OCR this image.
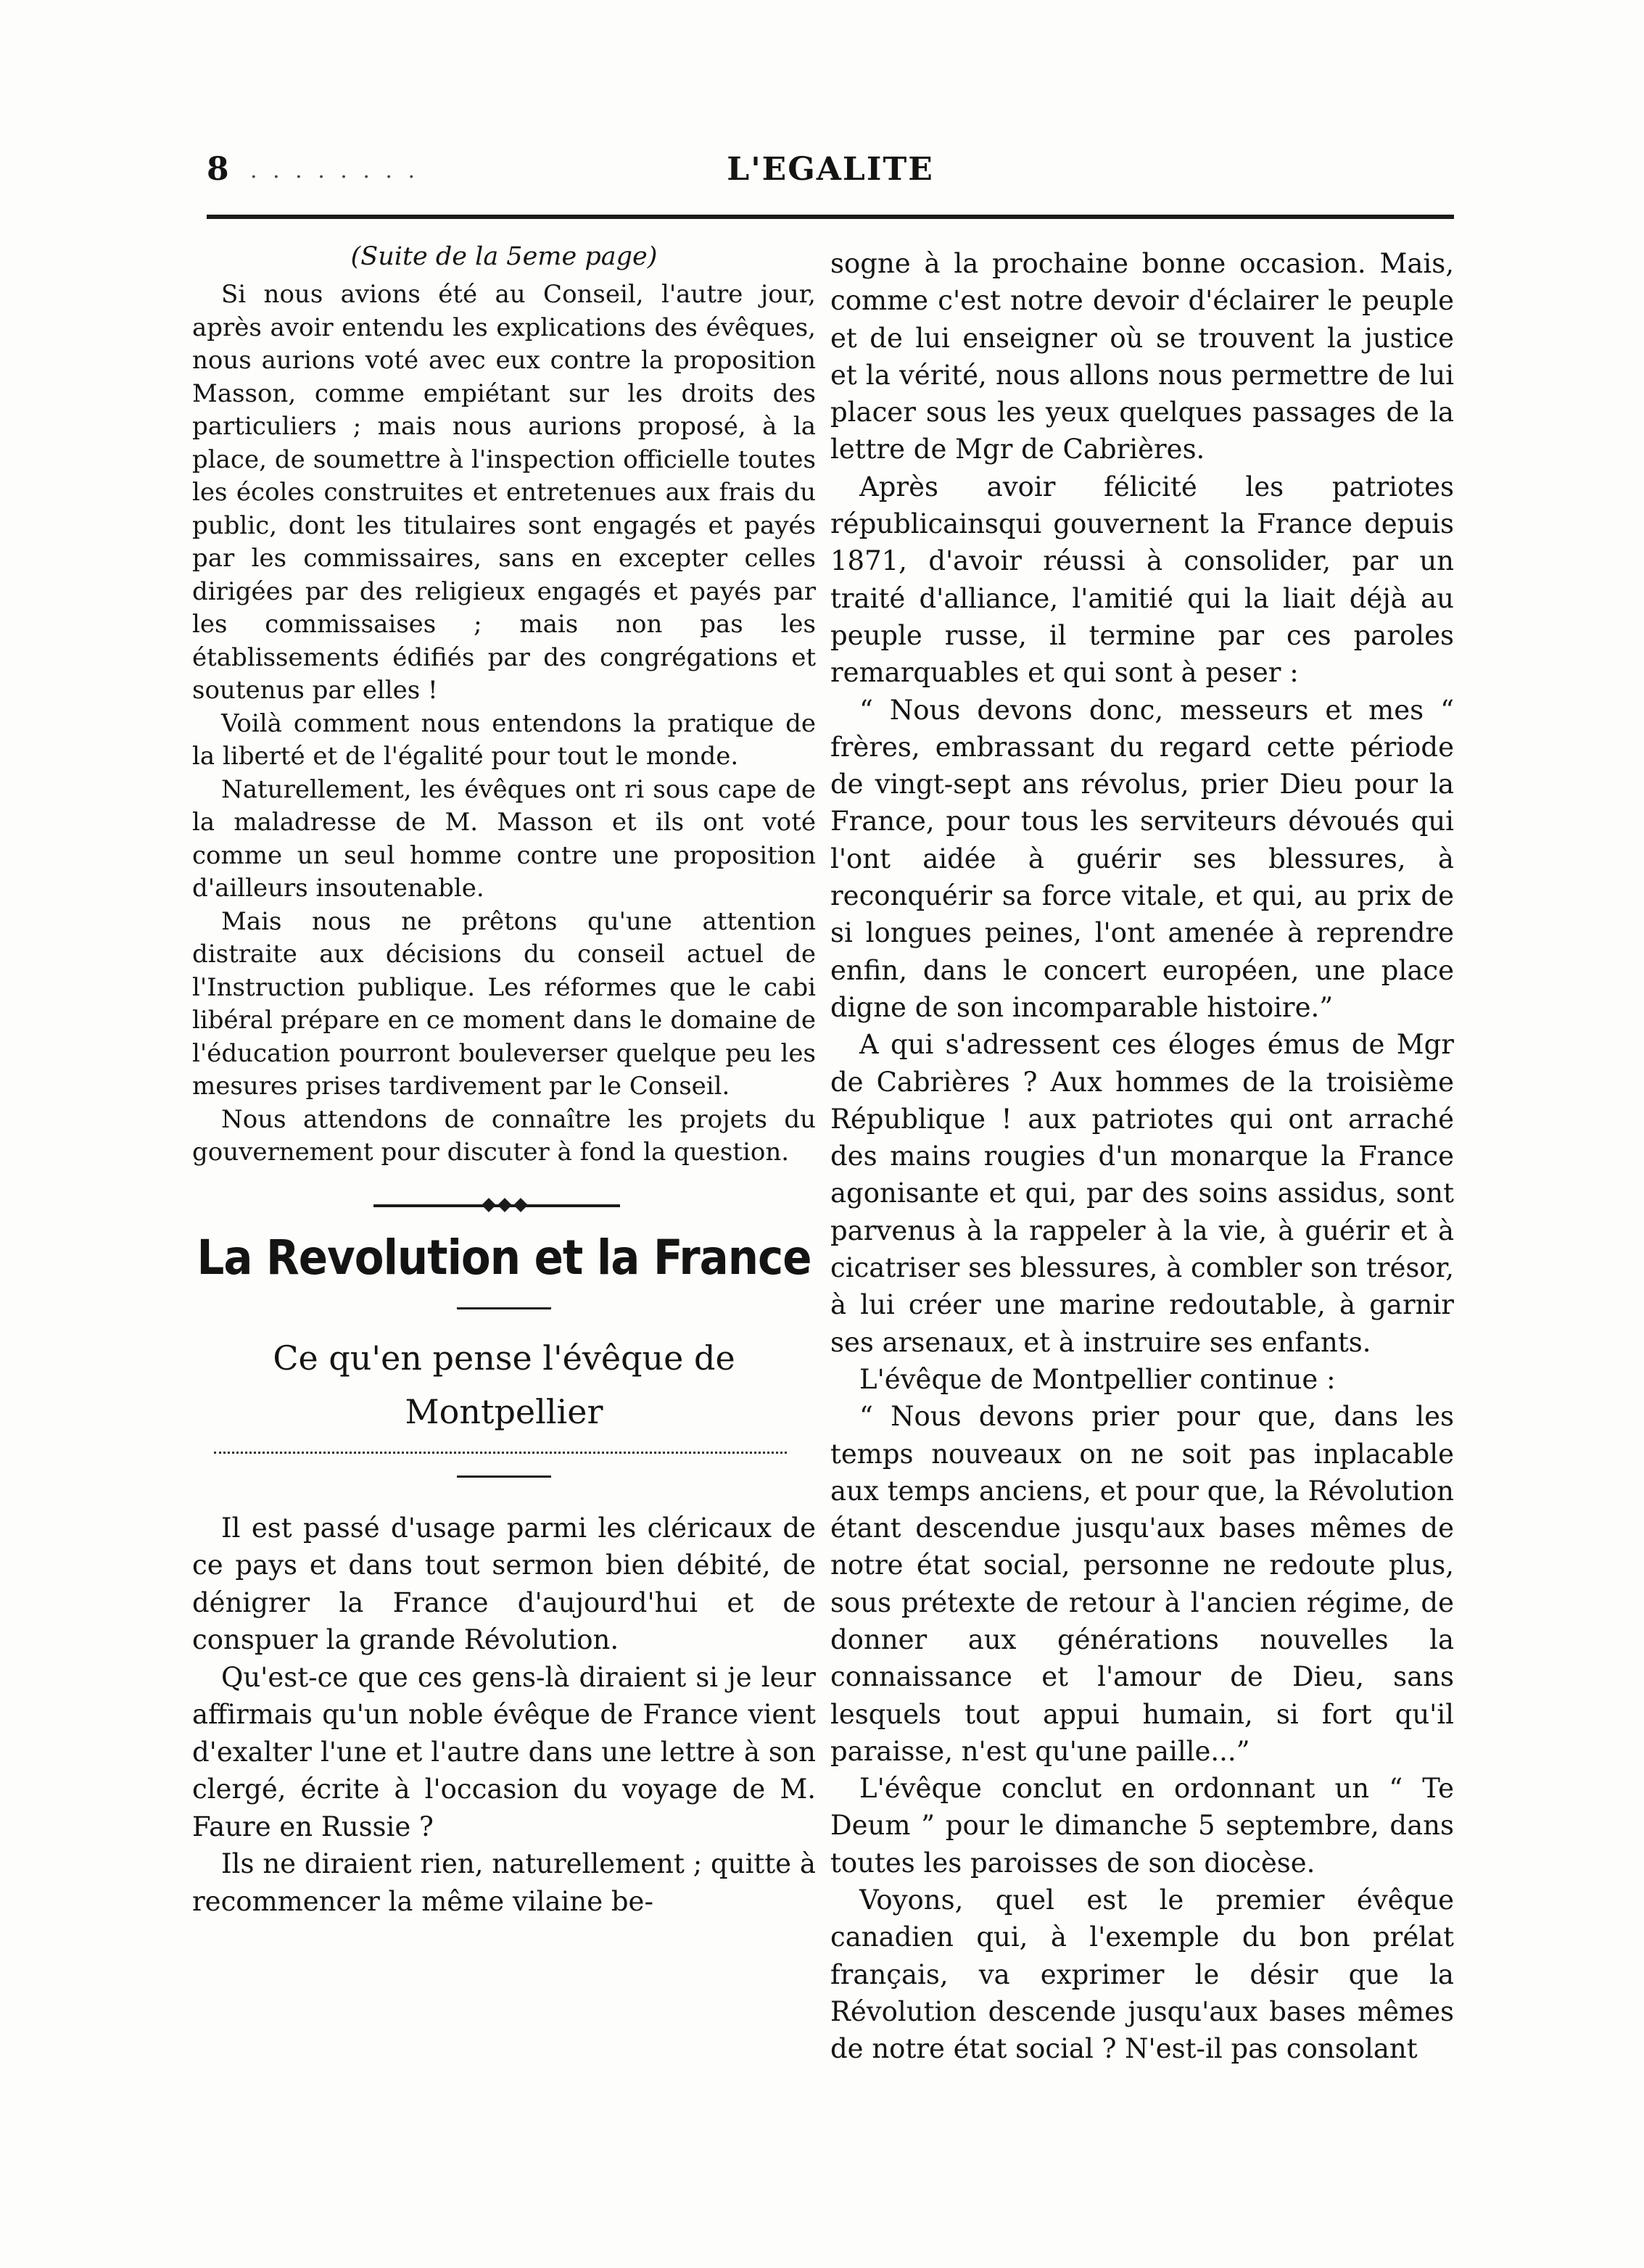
8 . . . . . . . .	L'EGALITE

(Suite de la 5eme page)

Si nous avions été au Conseil, l'autre jour, après avoir entendu les explications des évêques, nous aurions voté avec eux contre la proposition Masson, comme empiétant sur les droits des particuliers ; mais nous aurions proposé, à la place, de soumettre à l'inspection officielle toutes les écoles construites et entretenues aux frais du public, dont les titulaires sont engagés et payés par les commissaires, sans en excepter celles dirigées par des religieux engagés et payés par les commissaises ; mais non pas les établissements édifiés par des congrégations et soutenus par elles !

Voilà comment nous entendons la pratique de la liberté et de l'égalité pour tout le monde.

Naturellement, les évêques ont ri sous cape de la maladresse de M. Masson et ils ont voté comme un seul homme contre une proposition d'ailleurs insoutenable.

Mais nous ne prêtons qu'une attention distraite aux décisions du conseil actuel de l'Instruction publique. Les réformes que le cabi libéral prépare en ce moment dans le domaine de l'éducation pourront bouleverser quelque peu les mesures prises tardivement par le Conseil.

Nous attendons de connaître les projets du gouvernement pour discuter à fond la question.

La Revolution et la France

Ce qu'en pense l'évêque de

Montpellier

Il est passé d'usage parmi les cléricaux de ce pays et dans tout sermon bien débité, de dénigrer la France d'aujourd'hui et de conspuer la grande Révolution.

Qu'est-ce que ces gens-là diraient si je leur affirmais qu'un noble évêque de France vient d'exalter l'une et l'autre dans une lettre à son clergé, écrite à l'occasion du voyage de M. Faure en Russie ?

Ils ne diraient rien, naturellement ; quitte à recommencer la même vilaine be-

sogne à la prochaine bonne occasion. Mais, comme c'est notre devoir d'éclairer le peuple et de lui enseigner où se trouvent la justice et la vérité, nous allons nous permettre de lui placer sous les yeux quelques passages de la lettre de Mgr de Cabrières.

Après avoir félicité les patriotes républicainsqui gouvernent la France depuis 1871, d'avoir réussi à consolider, par un traité d'alliance, l'amitié qui la liait déjà au peuple russe, il termine par ces paroles remarquables et qui sont à peser :

“ Nous devons donc, messeurs et mes “ frères, embrassant du regard cette période de vingt-sept ans révolus, prier Dieu pour la France, pour tous les serviteurs dévoués qui l'ont aidée à guérir ses blessures, à reconquérir sa force vitale, et qui, au prix de si longues peines, l'ont amenée à reprendre enfin, dans le concert européen, une place digne de son incomparable histoire.”

A qui s'adressent ces éloges émus de Mgr de Cabrières ? Aux hommes de la troisième République ! aux patriotes qui ont arraché des mains rougies d'un monarque la France agonisante et qui, par des soins assidus, sont parvenus à la rappeler à la vie, à guérir et à cicatriser ses blessures, à combler son trésor, à lui créer une marine redoutable, à garnir ses arsenaux, et à instruire ses enfants.

L'évêque de Montpellier continue :

“ Nous devons prier pour que, dans les temps nouveaux on ne soit pas inplacable aux temps anciens, et pour que, la Révolution étant descendue jusqu'aux bases mêmes de notre état social, personne ne redoute plus, sous prétexte de retour à l'ancien régime, de donner aux générations nouvelles la connaissance et l'amour de Dieu, sans lesquels tout appui humain, si fort qu'il paraisse, n'est qu'une paille...”

L'évêque conclut en ordonnant un “ Te Deum ” pour le dimanche 5 septembre, dans toutes les paroisses de son diocèse.

Voyons, quel est le premier évêque canadien qui, à l'exemple du bon prélat français, va exprimer le désir que la Révolution descende jusqu'aux bases mêmes de notre état social ? N'est-il pas consolant
